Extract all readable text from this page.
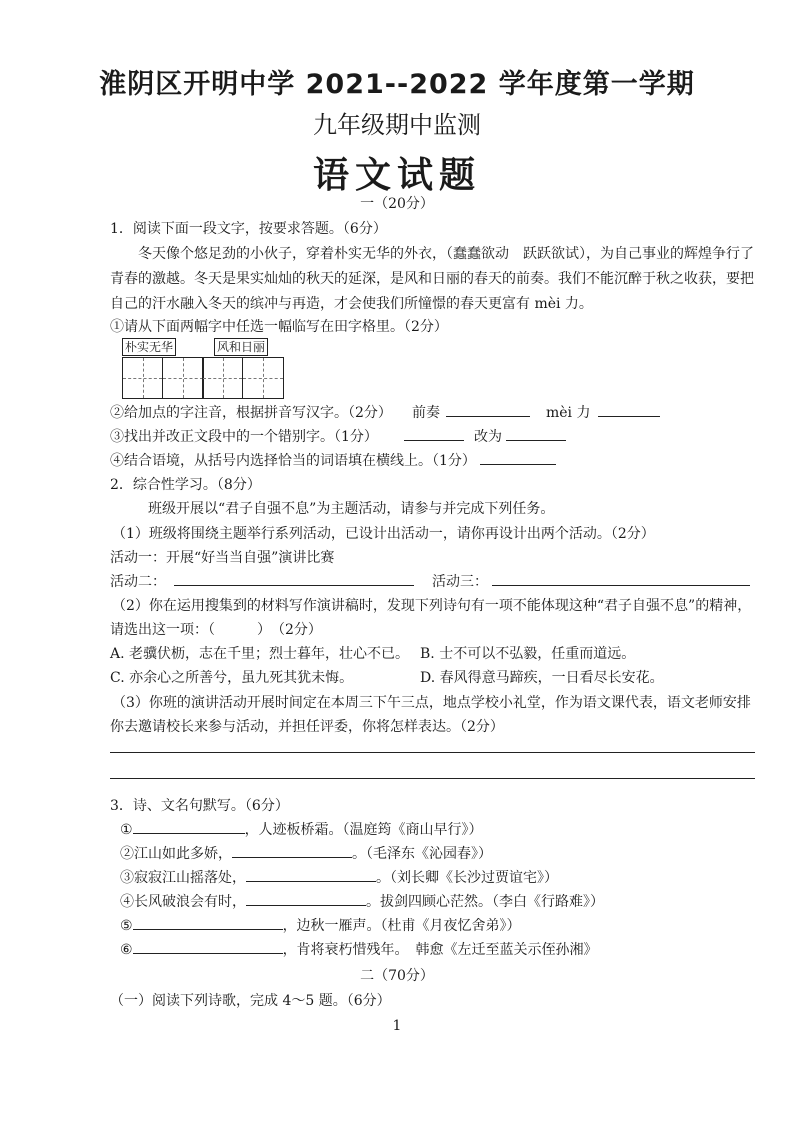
淮阴区开明中学 2021--2022 学年度第一学期
九年级期中监测
语文试题
一（20分）
1．阅读下面一段文字，按要求答题。（6分）
冬天像个悠足劲的小伙子，穿着朴实无华的外衣，（蠢蠢欲动　跃跃欲试），为自己事业的辉煌争行了青春的激越。冬天是果实灿灿的秋天的延深，是风和日丽的春天的前奏。我们不能沉醉于秋之收获，要把自己的汗水融入冬天的缤冲与再造，才会使我们所憧憬的春天更富有 mèi 力。
①请从下面两幅字中任选一幅临写在田字格里。（2分）
朴实无华	风和日丽
②给加点的字注音，根据拼音写汉字。（2分） 前奏	mèi 力
③找出并改正文段中的一个错别字。（1分）	改为
④结合语境，从括号内选择恰当的词语填在横线上。（1分）
2．综合性学习。（8分）
班级开展以“君子自强不息”为主题活动，请参与并完成下列任务。
（1）班级将围绕主题举行系列活动，已设计出活动一，请你再设计出两个活动。（2分）
活动一：开展“好当当自强”演讲比赛
活动二：	活动三：
（2）你在运用搜集到的材料写作演讲稿时，发现下列诗句有一项不能体现这种“君子自强不息”的精神，
请选出这一项：（　　　）　（2分）
A. 老骥伏枥，志在千里；烈士暮年，壮心不已。 B. 士不可以不弘毅，任重而道远。
C. 亦余心之所善兮，虽九死其犹未悔。	D. 春风得意马蹄疾，一日看尽长安花。
（3）你班的演讲活动开展时间定在本周三下午三点，地点学校小礼堂，作为语文课代表，语文老师安排
你去邀请校长来参与活动，并担任评委，你将怎样表达。（2分）
3．诗、文名句默写。（6分）
①	，人迹板桥霜。（温庭筠《商山早行》）
②江山如此多娇，	。（毛泽东《沁园春》）
③寂寂江山摇落处，	。（刘长卿《长沙过贾谊宅》）
④长风破浪会有时，	。拔剑四顾心茫然。（李白《行路难》）
⑤	，边秋一雁声。（杜甫《月夜忆舍弟》）
⑥	，肯将衰朽惜残年。　韩愈《左迁至蓝关示侄孙湘》
二（70分）
（一）阅读下列诗歌，完成 4～5 题。（6分）
1
